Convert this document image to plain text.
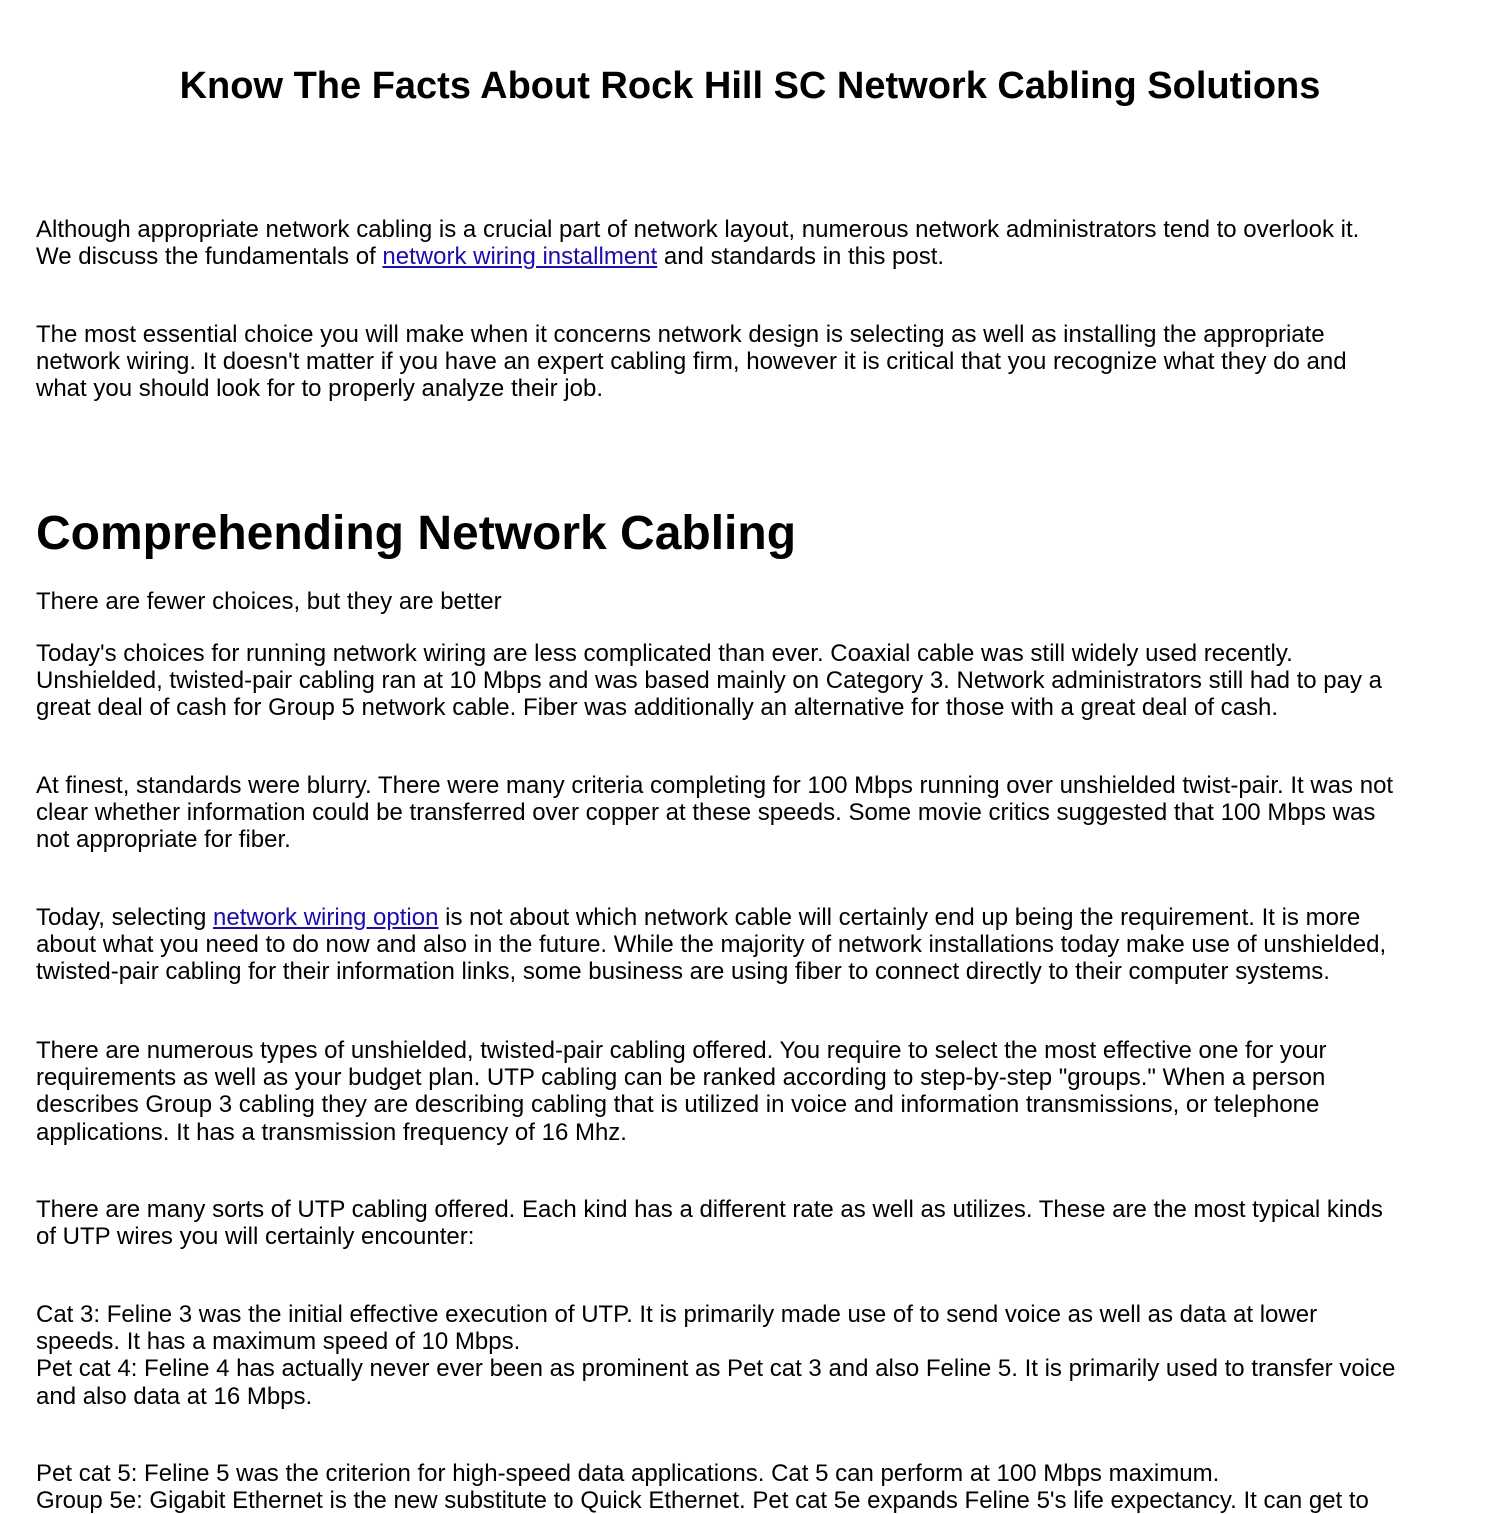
Know The Facts About Rock Hill SC Network Cabling Solutions

Although appropriate network cabling is a crucial part of network layout, numerous network administrators tend to overlook it.
We discuss the fundamentals of network wiring installment and standards in this post.

The most essential choice you will make when it concerns network design is selecting as well as installing the appropriate
network wiring. It doesn't matter if you have an expert cabling firm, however it is critical that you recognize what they do and
what you should look for to properly analyze their job.

Comprehending Network Cabling

There are fewer choices, but they are better

Today's choices for running network wiring are less complicated than ever. Coaxial cable was still widely used recently.
Unshielded, twisted-pair cabling ran at 10 Mbps and was based mainly on Category 3. Network administrators still had to pay a
great deal of cash for Group 5 network cable. Fiber was additionally an alternative for those with a great deal of cash.

At finest, standards were blurry. There were many criteria completing for 100 Mbps running over unshielded twist-pair. It was not
clear whether information could be transferred over copper at these speeds. Some movie critics suggested that 100 Mbps was
not appropriate for fiber.

Today, selecting network wiring option is not about which network cable will certainly end up being the requirement. It is more
about what you need to do now and also in the future. While the majority of network installations today make use of unshielded,
twisted-pair cabling for their information links, some business are using fiber to connect directly to their computer systems.

There are numerous types of unshielded, twisted-pair cabling offered. You require to select the most effective one for your
requirements as well as your budget plan. UTP cabling can be ranked according to step-by-step "groups." When a person
describes Group 3 cabling they are describing cabling that is utilized in voice and information transmissions, or telephone
applications. It has a transmission frequency of 16 Mhz.

There are many sorts of UTP cabling offered. Each kind has a different rate as well as utilizes. These are the most typical kinds
of UTP wires you will certainly encounter:

Cat 3: Feline 3 was the initial effective execution of UTP. It is primarily made use of to send voice as well as data at lower
speeds. It has a maximum speed of 10 Mbps.
Pet cat 4: Feline 4 has actually never ever been as prominent as Pet cat 3 and also Feline 5. It is primarily used to transfer voice
and also data at 16 Mbps.

Pet cat 5: Feline 5 was the criterion for high-speed data applications. Cat 5 can perform at 100 Mbps maximum.
Group 5e: Gigabit Ethernet is the new substitute to Quick Ethernet. Pet cat 5e expands Feline 5's life expectancy. It can get to
